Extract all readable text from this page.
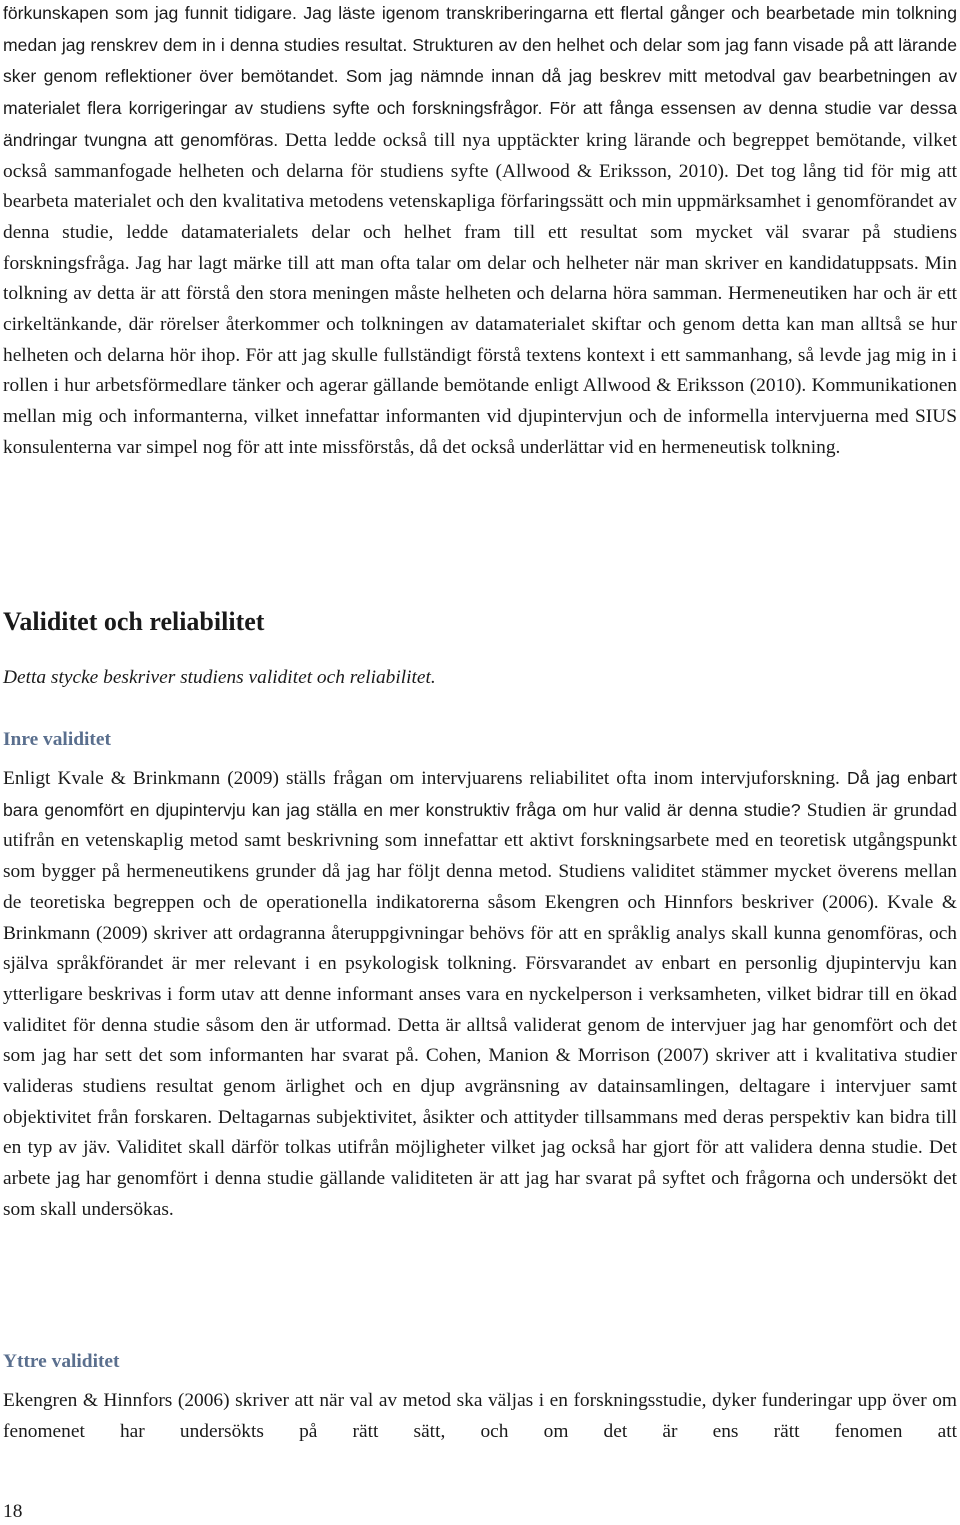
förkunskapen som jag funnit tidigare. Jag läste igenom transkriberingarna ett flertal gånger och bearbetade min tolkning medan jag renskrev dem in i denna studies resultat. Strukturen av den helhet och delar som jag fann visade på att lärande sker genom reflektioner över bemötandet. Som jag nämnde innan då jag beskrev mitt metodval gav bearbetningen av materialet flera korrigeringar av studiens syfte och forskningsfrågor. För att fånga essensen av denna studie var dessa ändringar tvungna att genomföras. Detta ledde också till nya upptäckter kring lärande och begreppet bemötande, vilket också sammanfogade helheten och delarna för studiens syfte (Allwood & Eriksson, 2010). Det tog lång tid för mig att bearbeta materialet och den kvalitativa metodens vetenskapliga förfaringssätt och min uppmärksamhet i genomförandet av denna studie, ledde datamaterialets delar och helhet fram till ett resultat som mycket väl svarar på studiens forskningsfråga. Jag har lagt märke till att man ofta talar om delar och helheter när man skriver en kandidatuppsats. Min tolkning av detta är att förstå den stora meningen måste helheten och delarna höra samman. Hermeneutiken har och är ett cirkeltänkande, där rörelser återkommer och tolkningen av datamaterialet skiftar och genom detta kan man alltså se hur helheten och delarna hör ihop. För att jag skulle fullständigt förstå textens kontext i ett sammanhang, så levde jag mig in i rollen i hur arbetsförmedlare tänker och agerar gällande bemötande enligt Allwood & Eriksson (2010). Kommunikationen mellan mig och informanterna, vilket innefattar informanten vid djupintervjun och de informella intervjuerna med SIUS konsulenterna var simpel nog för att inte missförstås, då det också underlättar vid en hermeneutisk tolkning.

Validitet och reliabilitet

Detta stycke beskriver studiens validitet och reliabilitet.

Inre validitet

Enligt Kvale & Brinkmann (2009) ställs frågan om intervjuarens reliabilitet ofta inom intervjuforskning. Då jag enbart bara genomfört en djupintervju kan jag ställa en mer konstruktiv fråga om hur valid är denna studie? Studien är grundad utifrån en vetenskaplig metod samt beskrivning som innefattar ett aktivt forskningsarbete med en teoretisk utgångspunkt som bygger på hermeneutikens grunder då jag har följt denna metod. Studiens validitet stämmer mycket överens mellan de teoretiska begreppen och de operationella indikatorerna såsom Ekengren och Hinnfors beskriver (2006). Kvale & Brinkmann (2009) skriver att ordagranna återuppgivningar behövs för att en språklig analys skall kunna genomföras, och själva språkförandet är mer relevant i en psykologisk tolkning. Försvarandet av enbart en personlig djupintervju kan ytterligare beskrivas i form utav att denne informant anses vara en nyckelperson i verksamheten, vilket bidrar till en ökad validitet för denna studie såsom den är utformad. Detta är alltså validerat genom de intervjuer jag har genomfört och det som jag har sett det som informanten har svarat på. Cohen, Manion & Morrison (2007) skriver att i kvalitativa studier valideras studiens resultat genom ärlighet och en djup avgränsning av datainsamlingen, deltagare i intervjuer samt objektivitet från forskaren. Deltagarnas subjektivitet, åsikter och attityder tillsammans med deras perspektiv kan bidra till en typ av jäv. Validitet skall därför tolkas utifrån möjligheter vilket jag också har gjort för att validera denna studie. Det arbete jag har genomfört i denna studie gällande validiteten är att jag har svarat på syftet och frågorna och undersökt det som skall undersökas.

Yttre validitet

Ekengren & Hinnfors (2006) skriver att när val av metod ska väljas i en forskningsstudie, dyker funderingar upp över om fenomenet har undersökts på rätt sätt, och om det är ens rätt fenomen att

18
